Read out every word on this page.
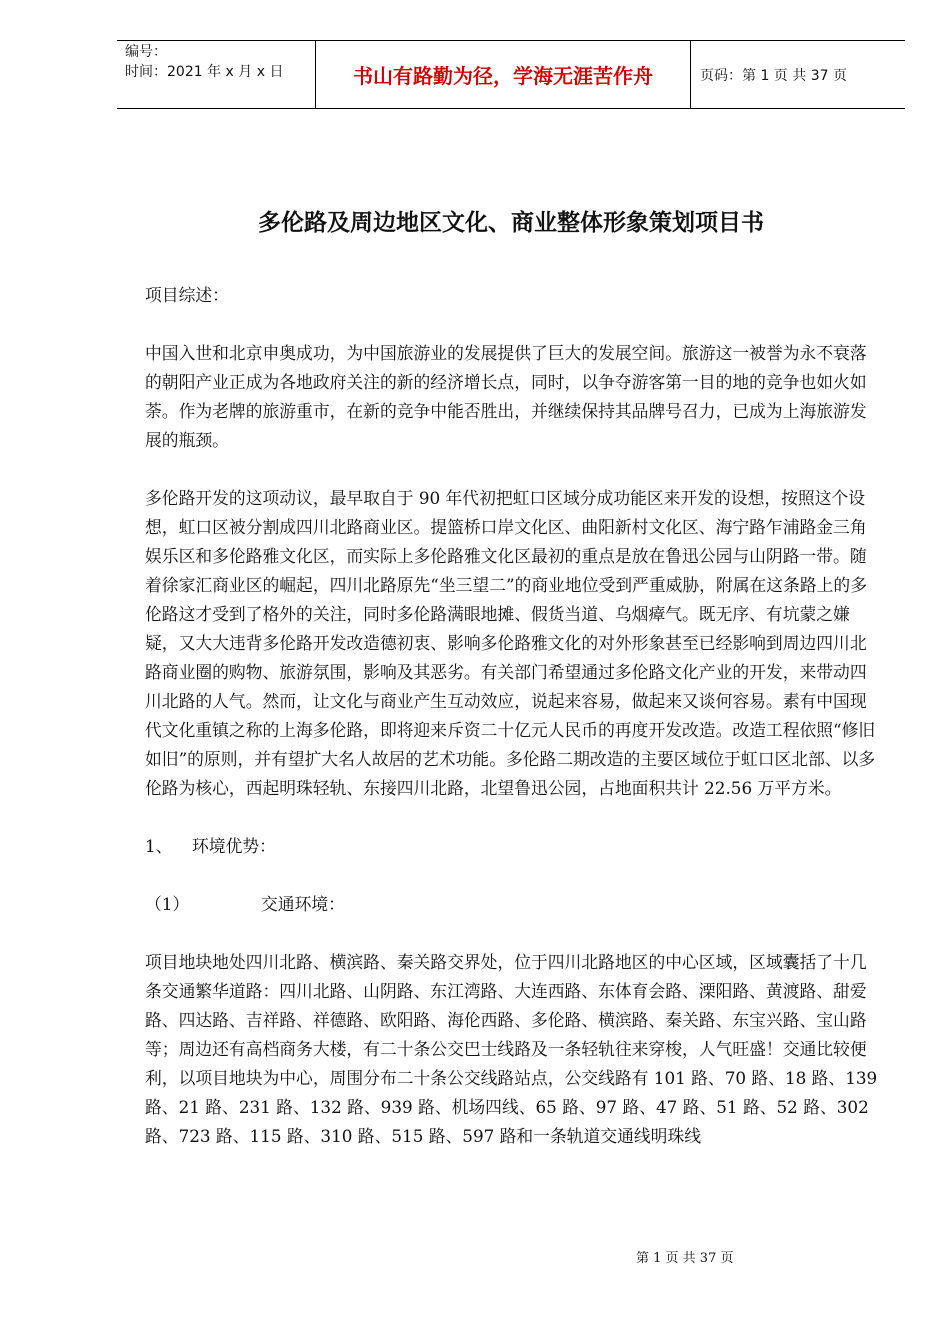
编号：
时间：2021 年 x 月 x 日	书山有路勤为径，学海无涯苦作舟	页码：第 1 页 共 37 页
多伦路及周边地区文化、商业整体形象策划项目书

项目综述：

中国入世和北京申奥成功，为中国旅游业的发展提供了巨大的发展空间。旅游这一被誉为永不衰落的朝阳产业正成为各地政府关注的新的经济增长点，同时，以争夺游客第一目的地的竞争也如火如荼。作为老牌的旅游重市，在新的竞争中能否胜出，并继续保持其品牌号召力，已成为上海旅游发展的瓶颈。

多伦路开发的这项动议，最早取自于 90 年代初把虹口区域分成功能区来开发的设想，按照这个设想，虹口区被分割成四川北路商业区。提篮桥口岸文化区、曲阳新村文化区、海宁路乍浦路金三角娱乐区和多伦路雅文化区，而实际上多伦路雅文化区最初的重点是放在鲁迅公园与山阴路一带。随着徐家汇商业区的崛起，四川北路原先“坐三望二”的商业地位受到严重威胁，附属在这条路上的多伦路这才受到了格外的关注，同时多伦路满眼地摊、假货当道、乌烟瘴气。既无序、有坑蒙之嫌疑，又大大违背多伦路开发改造德初衷、影响多伦路雅文化的对外形象甚至已经影响到周边四川北路商业圈的购物、旅游氛围，影响及其恶劣。有关部门希望通过多伦路文化产业的开发，来带动四川北路的人气。然而，让文化与商业产生互动效应，说起来容易，做起来又谈何容易。素有中国现代文化重镇之称的上海多伦路，即将迎来斥资二十亿元人民币的再度开发改造。改造工程依照“修旧如旧”的原则，并有望扩大名人故居的艺术功能。多伦路二期改造的主要区域位于虹口区北部、以多伦路为核心，西起明珠轻轨、东接四川北路，北望鲁迅公园，占地面积共计 22.56 万平方米。

1、 环境优势：

（1）	交通环境：

项目地块地处四川北路、横滨路、秦关路交界处，位于四川北路地区的中心区域，区域囊括了十几条交通繁华道路：四川北路、山阴路、东江湾路、大连西路、东体育会路、溧阳路、黄渡路、甜爱路、四达路、吉祥路、祥德路、欧阳路、海伦西路、多伦路、横滨路、秦关路、东宝兴路、宝山路等；周边还有高档商务大楼，有二十条公交巴士线路及一条轻轨往来穿梭，人气旺盛！交通比较便利，以项目地块为中心，周围分布二十条公交线路站点，公交线路有 101 路、70 路、18 路、139 路、21 路、231 路、132 路、939 路、机场四线、65 路、97 路、47 路、51 路、52 路、302 路、723 路、115 路、310 路、515 路、597 路和一条轨道交通线明珠线

第 1 页 共 37 页
